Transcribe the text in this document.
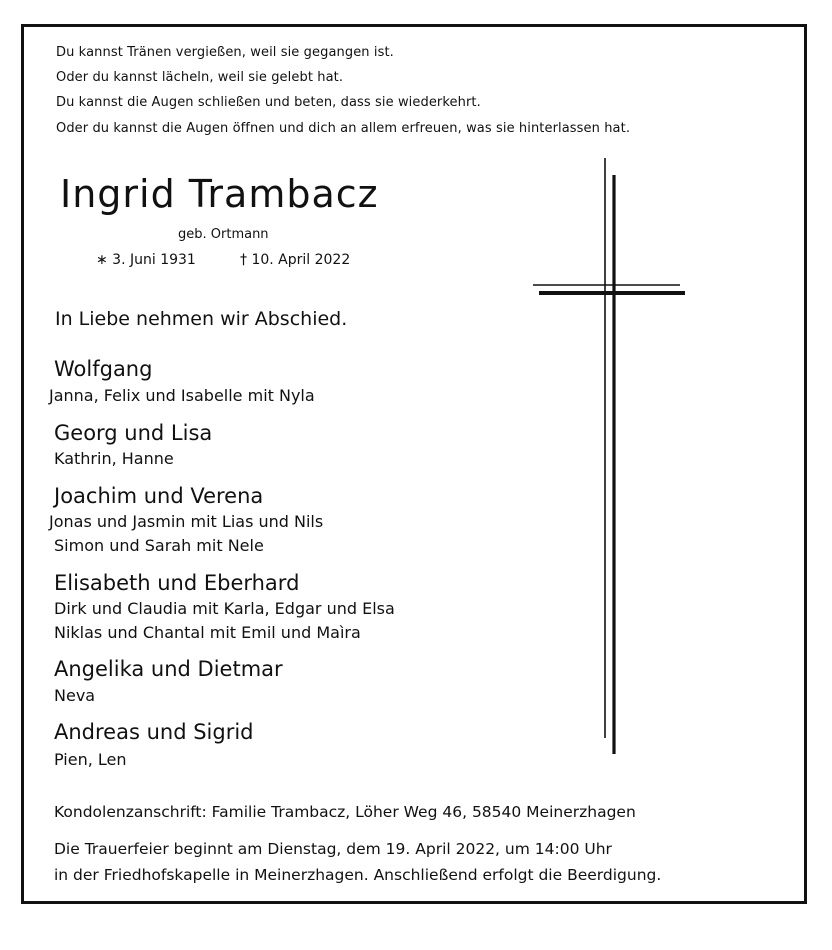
Du kannst Tränen vergießen, weil sie gegangen ist.
Oder du kannst lächeln, weil sie gelebt hat.
Du kannst die Augen schließen und beten, dass sie wiederkehrt.
Oder du kannst die Augen öffnen und dich an allem erfreuen, was sie hinterlassen hat.
Ingrid Trambacz
geb. Ortmann
∗ 3. Juni 1931	† 10. April 2022
In Liebe nehmen wir Abschied.
Wolfgang
Janna, Felix und Isabelle mit Nyla
Georg und Lisa
Kathrin, Hanne
Joachim und Verena
Jonas und Jasmin mit Lias und Nils
Simon und Sarah mit Nele
Elisabeth und Eberhard
Dirk und Claudia mit Karla, Edgar und Elsa
Niklas und Chantal mit Emil und Maìra
Angelika und Dietmar
Neva
Andreas und Sigrid
Pien, Len
Kondolenzanschrift: Familie Trambacz, Löher Weg 46, 58540 Meinerzhagen
Die Trauerfeier beginnt am Dienstag, dem 19. April 2022, um 14:00 Uhr
in der Friedhofskapelle in Meinerzhagen. Anschließend erfolgt die Beerdigung.
